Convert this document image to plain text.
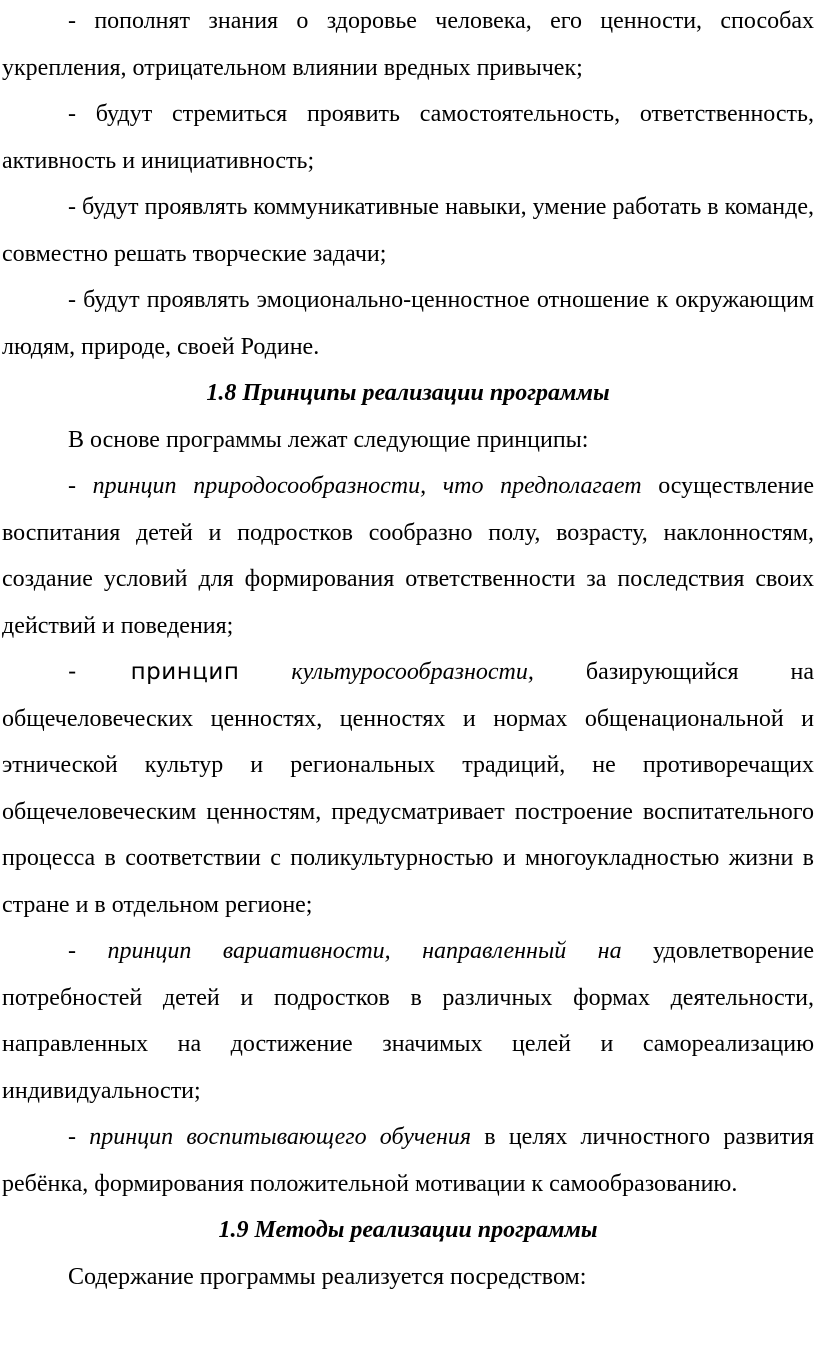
- пополнят знания о здоровье человека, его ценности, способах укрепления, отрицательном влиянии вредных привычек;

- будут стремиться проявить самостоятельность, ответственность, активность и инициативность;

- будут проявлять коммуникативные навыки, умение работать в команде, совместно решать творческие задачи;

- будут проявлять эмоционально-ценностное отношение к окружающим людям, природе, своей Родине.

1.8 Принципы реализации программы

В основе программы лежат следующие принципы:

- принцип природосообразности, что предполагает осуществление воспитания детей и подростков сообразно полу, возрасту, наклонностям, создание условий для формирования ответственности за последствия своих действий и поведения;

- принцип культуросообразности, базирующийся на общечеловеческих ценностях, ценностях и нормах общенациональной и этнической культур и региональных традиций, не противоречащих общечеловеческим ценностям, предусматривает построение воспитательного процесса в соответствии с поликультурностью и многоукладностью жизни в стране и в отдельном регионе;

- принцип вариативности, направленный на удовлетворение потребностей детей и подростков в различных формах деятельности, направленных на достижение значимых целей и самореализацию индивидуальности;

- принцип воспитывающего обучения в целях личностного развития ребёнка, формирования положительной мотивации к самообразованию.

1.9 Методы реализации программы

Содержание программы реализуется посредством:
